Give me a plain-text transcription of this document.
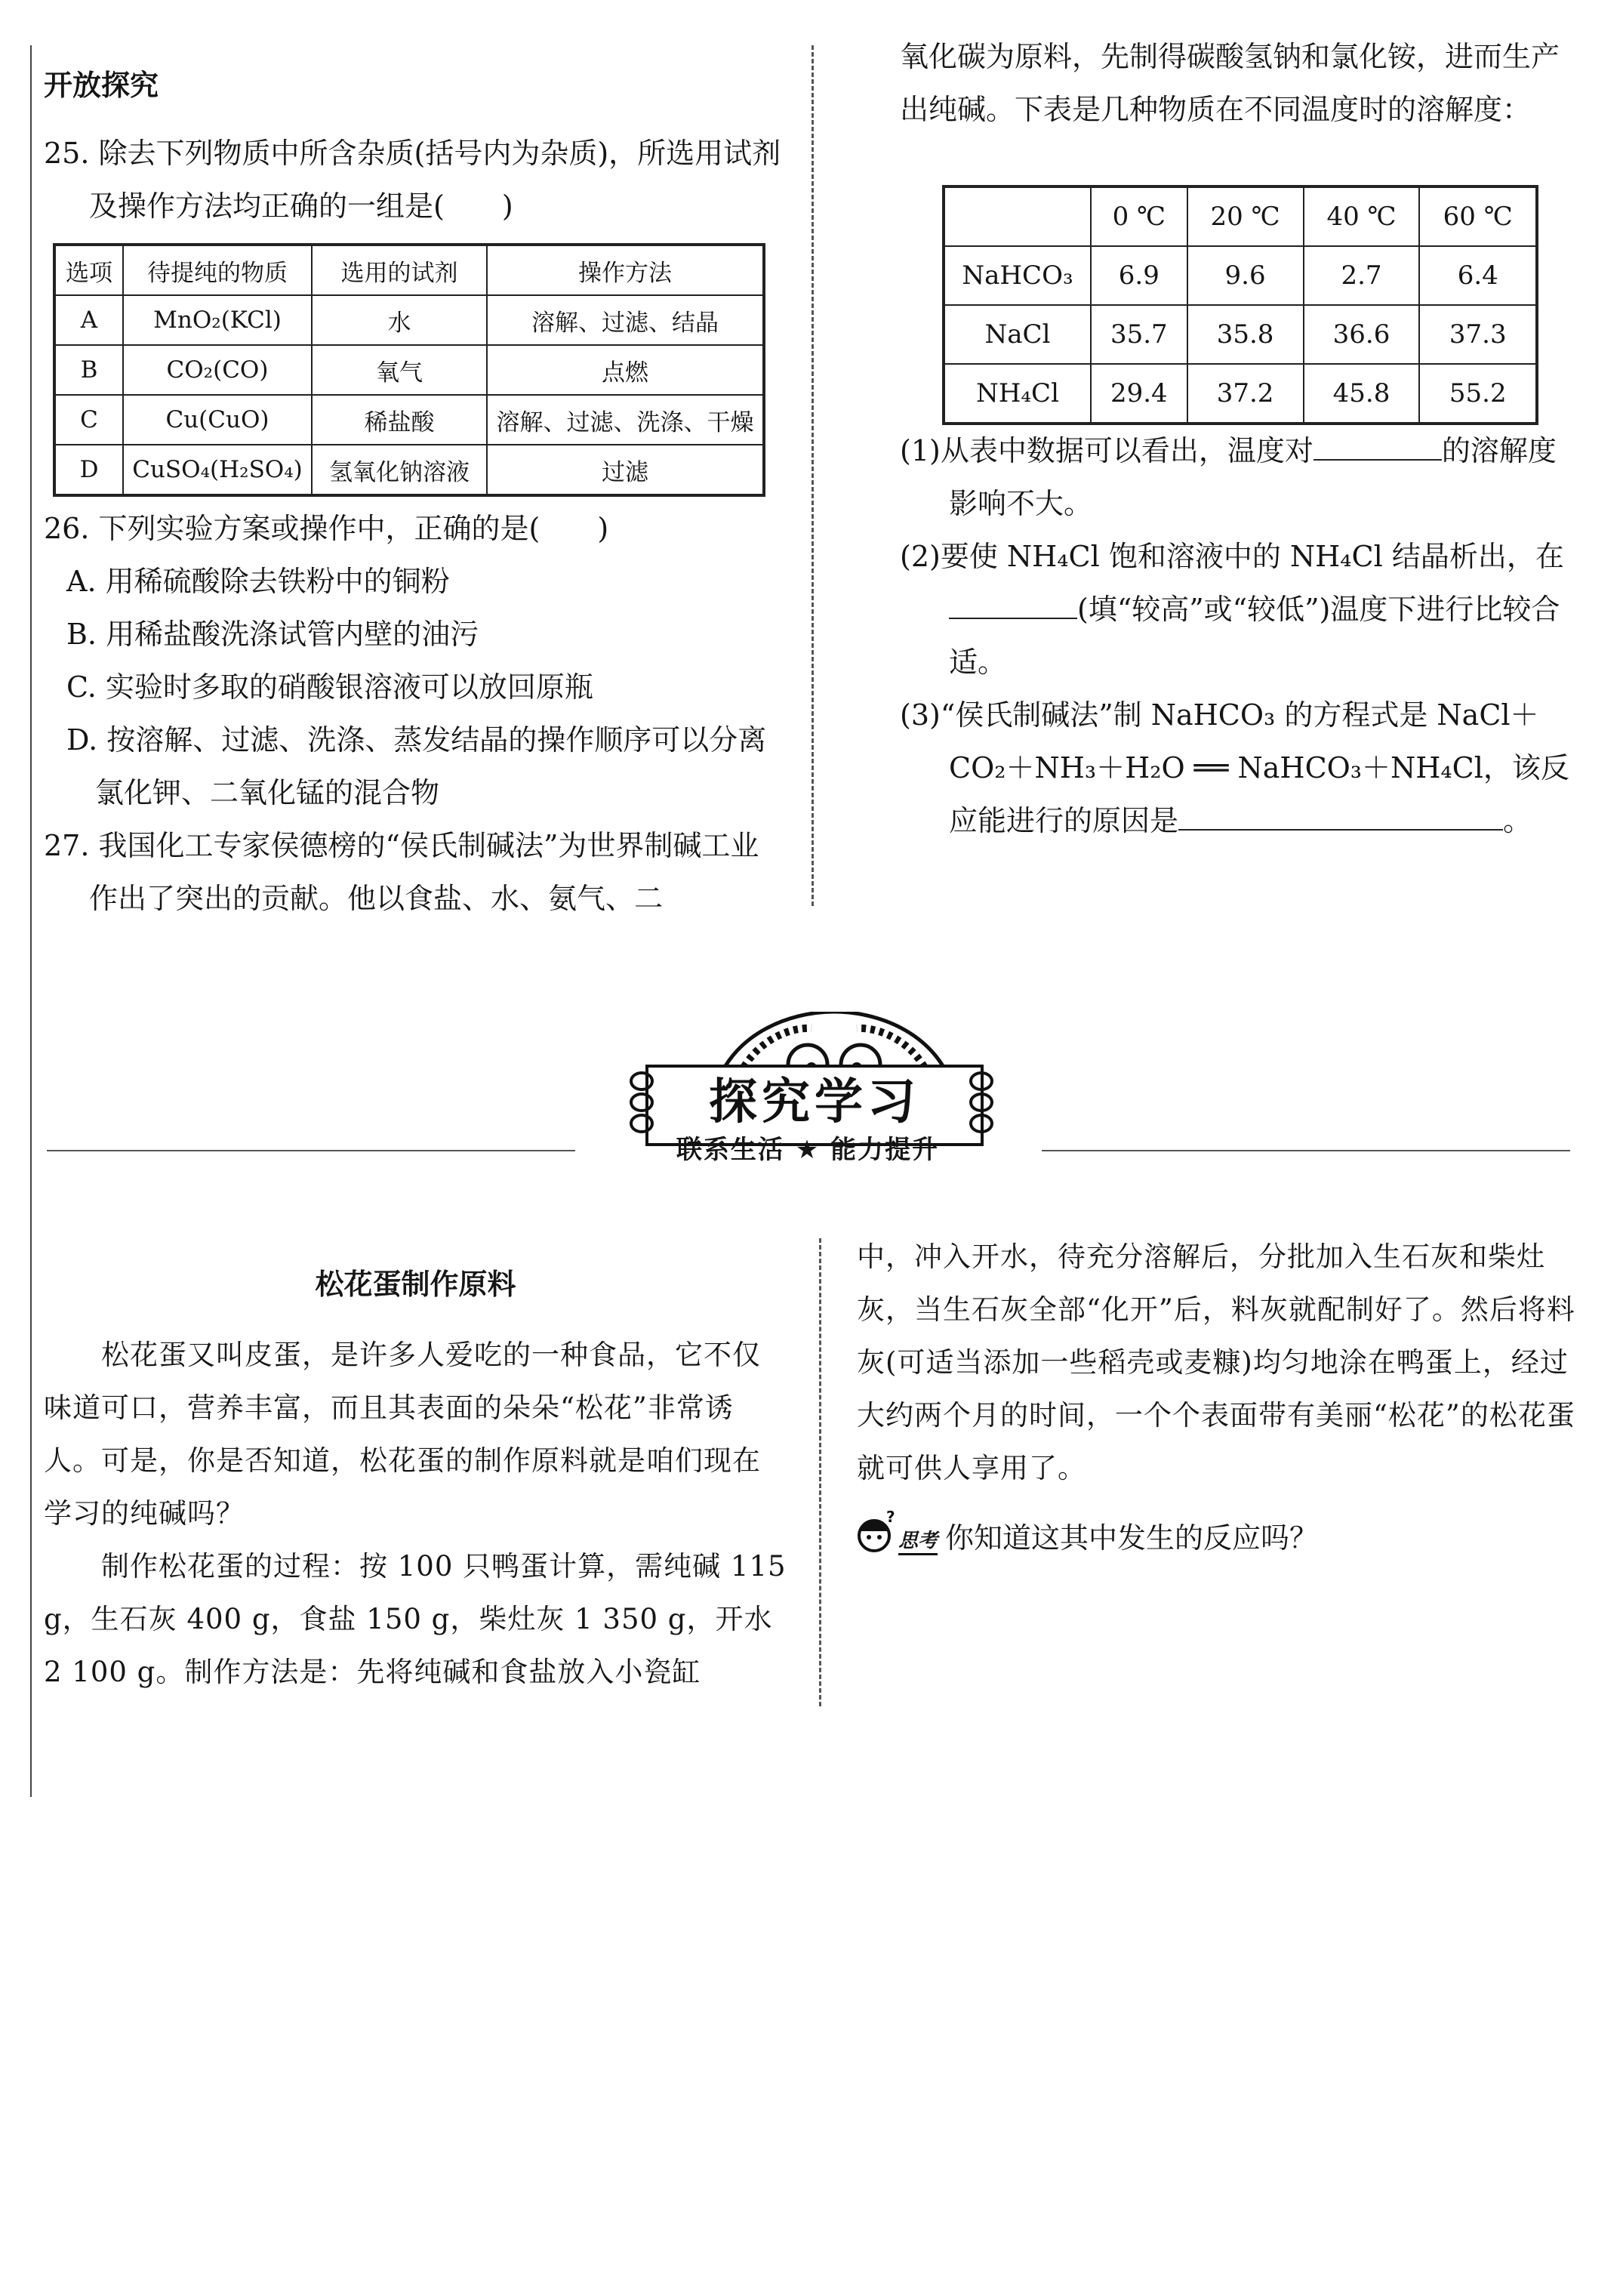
开放探究

25. 除去下列物质中所含杂质(括号内为杂质)，所选用试剂及操作方法均正确的一组是(　　)

选项	待提纯的物质	选用的试剂	操作方法
A	MnO₂(KCl)	水	溶解、过滤、结晶
B	CO₂(CO)	氧气	点燃
C	Cu(CuO)	稀盐酸	溶解、过滤、洗涤、干燥
D	CuSO₄(H₂SO₄)	氢氧化钠溶液	过滤

26. 下列实验方案或操作中，正确的是(　　)

A. 用稀硫酸除去铁粉中的铜粉

B. 用稀盐酸洗涤试管内壁的油污

C. 实验时多取的硝酸银溶液可以放回原瓶

D. 按溶解、过滤、洗涤、蒸发结晶的操作顺序可以分离氯化钾、二氧化锰的混合物

27. 我国化工专家侯德榜的“侯氏制碱法”为世界制碱工业作出了突出的贡献。他以食盐、水、氨气、二

氧化碳为原料，先制得碳酸氢钠和氯化铵，进而生产出纯碱。下表是几种物质在不同温度时的溶解度：

	0 ℃	20 ℃	40 ℃	60 ℃
NaHCO₃	6.9	9.6	2.7	6.4
NaCl	35.7	35.8	36.6	37.3
NH₄Cl	29.4	37.2	45.8	55.2

(1)从表中数据可以看出，温度对	的溶解度影响不大。

(2)要使 NH₄Cl 饱和溶液中的 NH₄Cl 结晶析出，在(填“较高”或“较低”)温度下进行比较合适。

(3)“侯氏制碱法”制 NaHCO₃ 的方程式是 NaCl＋CO₂＋NH₃＋H₂O ══ NaHCO₃＋NH₄Cl，该反应能进行的原因是	。

探究学习
联系生活 ★ 能力提升
松花蛋制作原料

松花蛋又叫皮蛋，是许多人爱吃的一种食品，它不仅味道可口，营养丰富，而且其表面的朵朵“松花”非常诱人。可是，你是否知道，松花蛋的制作原料就是咱们现在学习的纯碱吗？

制作松花蛋的过程：按 100 只鸭蛋计算，需纯碱 115 g，生石灰 400 g，食盐 150 g，柴灶灰 1 350 g，开水 2 100 g。制作方法是：先将纯碱和食盐放入小瓷缸

中，冲入开水，待充分溶解后，分批加入生石灰和柴灶灰，当生石灰全部“化开”后，料灰就配制好了。然后将料灰(可适当添加一些稻壳或麦糠)均匀地涂在鸭蛋上，经过大约两个月的时间，一个个表面带有美丽“松花”的松花蛋就可供人享用了。

?
思考 你知道这其中发生的反应吗？
